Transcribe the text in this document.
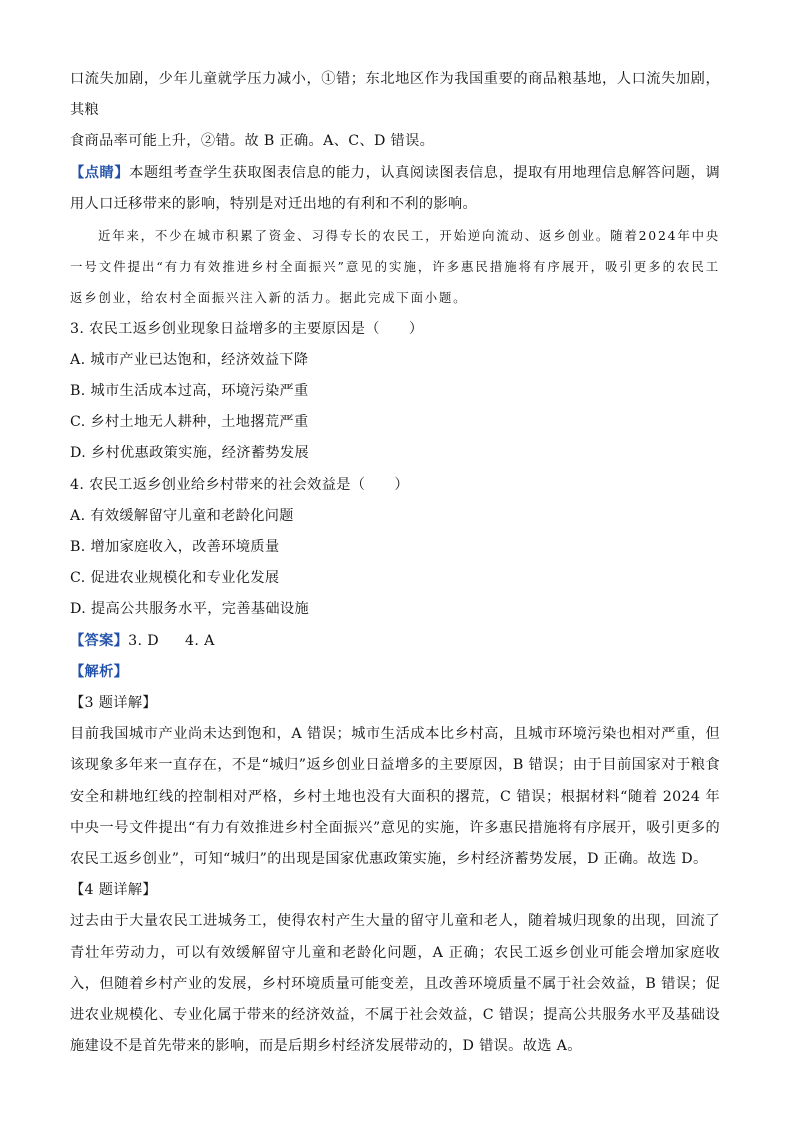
口流失加剧，少年儿童就学压力减小，①错；东北地区作为我国重要的商品粮基地，人口流失加剧，其粮

食商品率可能上升，②错。故 B 正确。A、C、D 错误。

【点睛】本题组考查学生获取图表信息的能力，认真阅读图表信息，提取有用地理信息解答问题，调用人口迁移带来的影响，特别是对迁出地的有利和不利的影响。

近年来，不少在城市积累了资金、习得专长的农民工，开始逆向流动、返乡创业。随着2024年中央一号文件提出“有力有效推进乡村全面振兴”意见的实施，许多惠民措施将有序展开，吸引更多的农民工返乡创业，给农村全面振兴注入新的活力。据此完成下面小题。

3. 农民工返乡创业现象日益增多的主要原因是（　　）

A. 城市产业已达饱和，经济效益下降

B. 城市生活成本过高，环境污染严重

C. 乡村土地无人耕种，土地撂荒严重

D. 乡村优惠政策实施，经济蓄势发展

4. 农民工返乡创业给乡村带来的社会效益是（　　）

A. 有效缓解留守儿童和老龄化问题

B. 增加家庭收入，改善环境质量

C. 促进农业规模化和专业化发展

D. 提高公共服务水平，完善基础设施

【答案】3. D 4. A

【解析】

【3 题详解】

目前我国城市产业尚未达到饱和，A 错误；城市生活成本比乡村高，且城市环境污染也相对严重，但该现象多年来一直存在，不是“城归”返乡创业日益增多的主要原因，B 错误；由于目前国家对于粮食安全和耕地红线的控制相对严格，乡村土地也没有大面积的撂荒，C 错误；根据材料“随着 2024 年中央一号文件提出“有力有效推进乡村全面振兴”意见的实施，许多惠民措施将有序展开，吸引更多的农民工返乡创业”，可知“城归”的出现是国家优惠政策实施，乡村经济蓄势发展，D 正确。故选 D。

【4 题详解】

过去由于大量农民工进城务工，使得农村产生大量的留守儿童和老人，随着城归现象的出现，回流了青壮年劳动力，可以有效缓解留守儿童和老龄化问题，A 正确；农民工返乡创业可能会增加家庭收入，但随着乡村产业的发展，乡村环境质量可能变差，且改善环境质量不属于社会效益，B 错误；促进农业规模化、专业化属于带来的经济效益，不属于社会效益，C 错误；提高公共服务水平及基础设施建设不是首先带来的影响，而是后期乡村经济发展带动的，D 错误。故选 A。
